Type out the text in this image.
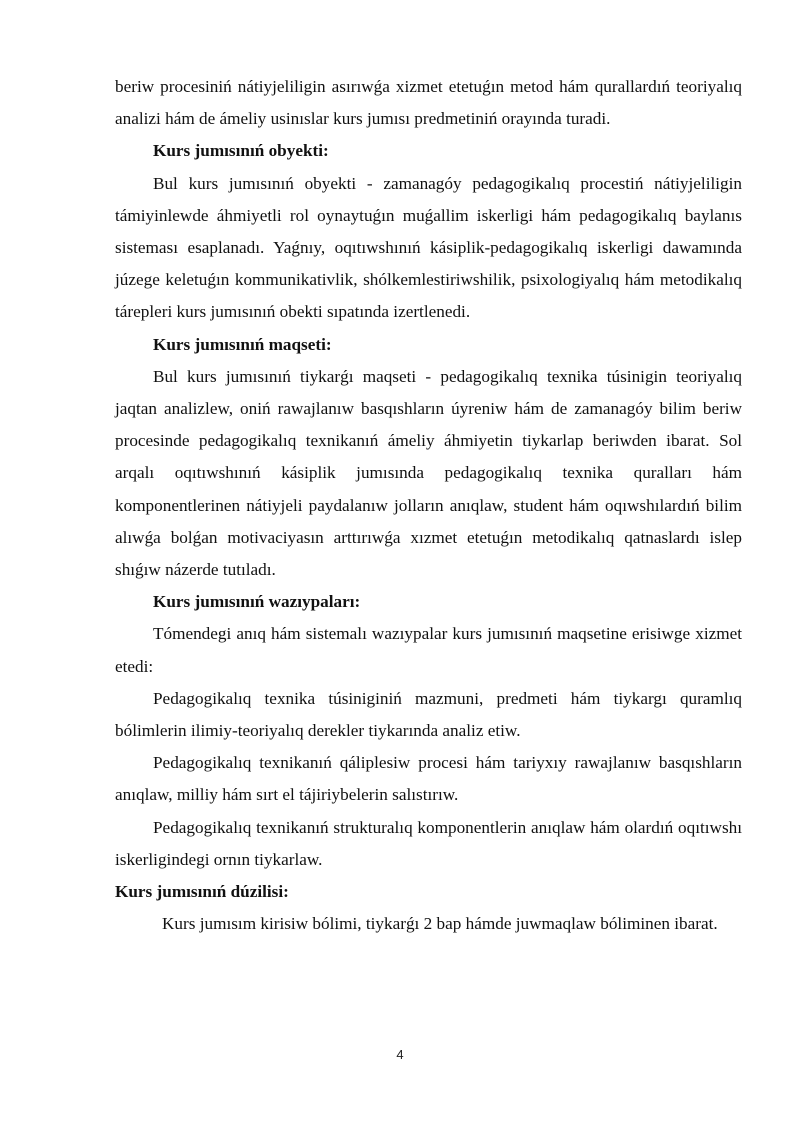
beriw procesiniń nátiyjeliligin asırıwǵa xizmet etetuǵın metod hám qurallardıń teoriyalıq analizi hám de ámeliy usinıslar kurs jumısı predmetiniń orayında turadi.

Kurs jumısınıń obyekti:

Bul kurs jumısınıń obyekti - zamanagóy pedagogikalıq procestiń nátiyjeliligin támiyinlewde áhmiyetli rol oynaytuǵın muǵallim iskerligi hám pedagogikalıq baylanıs sisteması esaplanadı. Yaǵnıy, oqıtıwshınıń kásiplik-pedagogikalıq iskerligi dawamında júzege keletuǵın kommunikativlik, shólkemlestiriwshilik, psixologiyalıq hám metodikalıq tárepleri kurs jumısınıń obekti sıpatında izertlenedi.

Kurs jumısınıń maqseti:

Bul kurs jumısınıń tiykarǵı maqseti - pedagogikalıq texnika túsinigin teoriyalıq jaqtan analizlew, oniń rawajlanıw basqıshların úyreniw hám de zamanagóy bilim beriw procesinde pedagogikalıq texnikanıń ámeliy áhmiyetin tiykarlap beriwden ibarat. Sol arqalı oqıtıwshınıń kásiplik jumısında pedagogikalıq texnika quralları hám komponentlerinen nátiyjeli paydalanıw jolların anıqlaw, student hám oqıwshılardıń bilim alıwǵa bolǵan motivaciyasın arttırıwǵa xızmet etetuǵın metodikalıq qatnaslardı islep shıǵıw názerde tutıladı.

Kurs jumısınıń wazıypaları:

Tómendegi anıq hám sistemalı wazıypalar kurs jumısınıń maqsetine erisiwge xizmet etedi:

Pedagogikalıq texnika túsiniginiń mazmuni, predmeti hám tiykargı quramlıq bólimlerin ilimiy-teoriyalıq derekler tiykarında analiz etiw.

Pedagogikalıq texnikanıń qáliplesiw procesi hám tariyxıy rawajlanıw basqıshların anıqlaw, milliy hám sırt el tájiriybelerin salıstırıw.

Pedagogikalıq texnikanıń strukturalıq komponentlerin anıqlaw hám olardıń oqıtıwshı iskerligindegi ornın tiykarlaw.

Kurs jumısınıń dúzilisi:

Kurs jumısım kirisiw bólimi, tiykarǵı 2 bap hámde juwmaqlaw bóliminen ibarat.

4
